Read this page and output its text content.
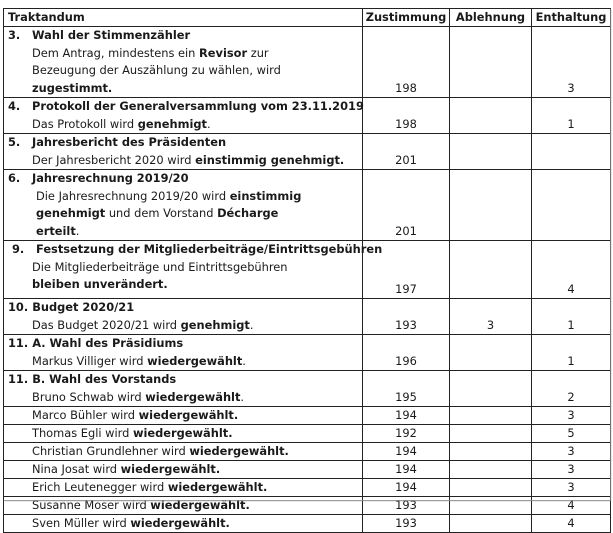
Traktandum	Zustimmung	Ablehnung	Enthaltung

3. Wahl der Stimmenzähler
Dem Antrag, mindestens ein Revisor zur Bezeugung der Auszählung zu wählen, wird zugestimmt.	198		3

4. Protokoll der Generalversammlung vom 23.11.2019
Das Protokoll wird genehmigt.	198		1

5. Jahresbericht des Präsidenten
Der Jahresbericht 2020 wird einstimmig genehmigt.	201		

6. Jahresrechnung 2019/20
Die Jahresrechnung 2019/20 wird einstimmig genehmigt und dem Vorstand Décharge erteilt.	201		

9. Festsetzung der Mitgliederbeiträge/Eintrittsgebühren
Die Mitgliederbeiträge und Eintrittsgebühren bleiben unverändert.	197		4

10. Budget 2020/21
Das Budget 2020/21 wird genehmigt.	193	3	1

11. A. Wahl des Präsidiums
Markus Villiger wird wiedergewählt.	196		1

11. B. Wahl des Vorstands
Bruno Schwab wird wiedergewählt.	195		2
Marco Bühler wird wiedergewählt.	194		3
Thomas Egli wird wiedergewählt.	192		5
Christian Grundlehner wird wiedergewählt.	194		3
Nina Josat wird wiedergewählt.	194		3
Erich Leutenegger wird wiedergewählt.	194		3
Susanne Moser wird wiedergewählt.	193		4
Sven Müller wird wiedergewählt.	193		4
